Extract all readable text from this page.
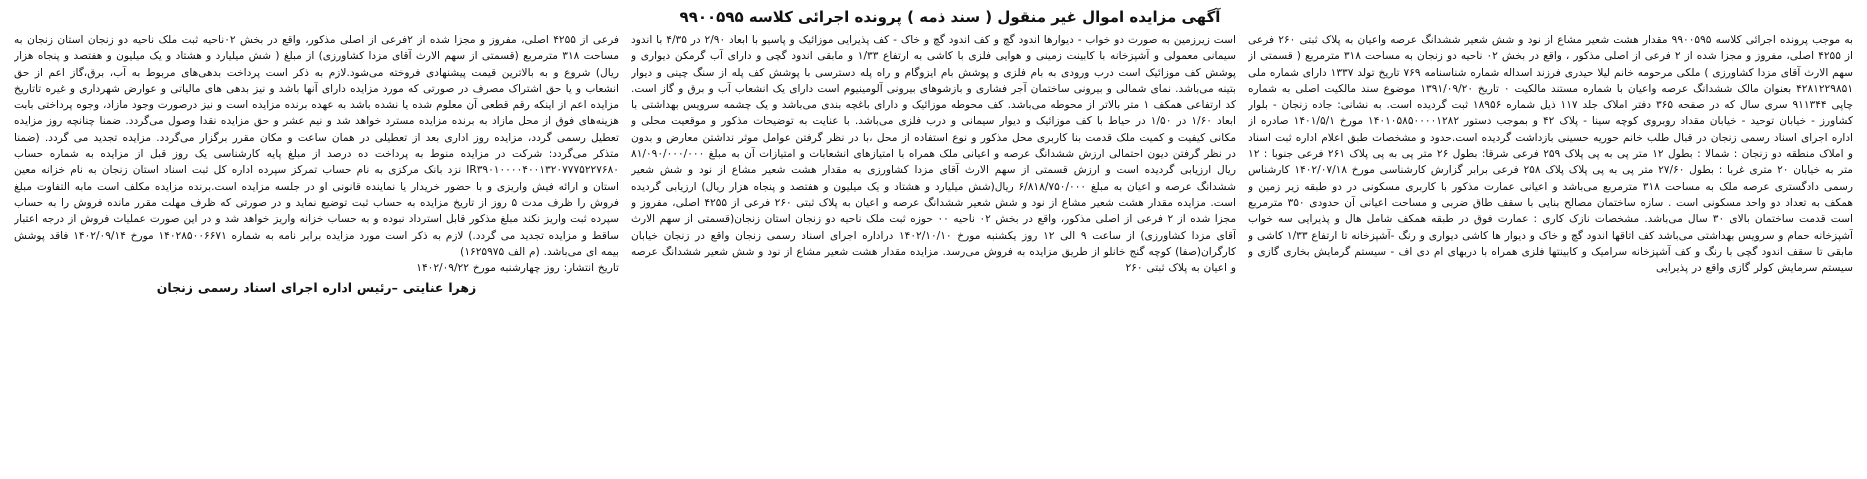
آگهی مزایده اموال غیر منقول ( سند ذمه ) پرونده اجرائی کلاسه ۹۹۰۰۵۹۵

به موجب پرونده اجرائی کلاسه ۹۹۰۰۵۹۵ مقدار هشت شعیر مشاع از نود و شش شعیر ششدانگ عرصه واعیان به پلاک ثبتی ۲۶۰ فرعی از ۴۲۵۵ اصلی، مفروز و مجزا شده از ۲ فرعی از اصلی مذکور ، واقع در بخش ۰۲ ناحیه دو زنجان به مساحت ۳۱۸ مترمربع ( قسمتی از سهم الارث آقای مزدا کشاورزی ) ملکی مرحومه خانم لیلا حیدری فرزند اسداله شماره شناسنامه ۷۶۹ تاریخ تولد ۱۳۳۷ دارای شماره ملی ۴۲۸۱۲۲۹۸۵۱ بعنوان مالک ششدانگ عرصه واعیان با شماره مستند مالکیت ۰ تاریخ ۱۳۹۱/۰۹/۲۰ موضوع سند مالکیت اصلی به شماره چاپی ۹۱۱۳۴۴ سری سال که در صفحه ۳۶۵ دفتر املاک جلد ۱۱۷ ذیل شماره ۱۸۹۵۶ ثبت گردیده است. به نشانی: جاده زنجان - بلوار کشاورز - خیابان توحید - خیابان مقداد روبروی کوچه سینا - پلاک ۴۲ و بموجب دستور ۱۴۰۱۰۵۸۵۰۰۰۰۱۲۸۲ مورخ ۱۴۰۱/۵/۱ صادره از اداره اجرای اسناد رسمی زنجان در قبال طلب خانم حوریه حسینی بازداشت گردیده است.حدود و مشخصات طبق اعلام اداره ثبت اسناد و املاک منطقه دو زنجان : شمالا : بطول ۱۲ متر پی به پی پلاک ۲۵۹ فرعی شرقا: بطول ۲۶ متر پی به پی پلاک ۲۶۱ فرعی جنوبا : ۱۲ متر به خیابان ۲۰ متری غربا : بطول ۲۷/۶۰ متر پی به پی پلاک پلاک ۲۵۸ فرعی برابر گزارش کارشناسی مورخ ۱۴۰۲/۰۷/۱۸ کارشناس رسمی دادگستری عرصه ملک به مساحت ۳۱۸ مترمربع می‌باشد و اعیانی عمارت مذکور با کاربری مسکونی در دو طبقه زیر زمین و همکف به تعداد دو واحد مسکونی است . سازه ساختمان مصالح بنایی با سقف طاق ضربی و مساحت اعیانی آن حدودی ۳۵۰ مترمربع است قدمت ساختمان بالای ۳۰ سال می‌باشد. مشخصات نازک کاری : عمارت فوق در طبقه همکف شامل هال و پذیرایی سه خواب آشپزخانه حمام و سرویس بهداشتی می‌باشد کف اتاقها اندود گچ و خاک و دیوار ها کاشی دیواری و رنگ -آشپزخانه تا ارتفاع ۱/۳۳ کاشی و مابقی تا سقف اندود گچی با رنگ و کف آشپزخانه سرامیک و کابینتها فلزی همراه با دربهای ام دی اف - سیستم گرمایش بخاری گازی و سیستم سرمایش کولر گازی واقع در پذیرایی

است زیرزمین به صورت دو خواب - دیوارها اندود گچ و کف اندود گچ و خاک - کف پذیرایی موزائیک و پاسیو با ابعاد ۲/۹۰ در ۴/۳۵ با اندود سیمانی معمولی و آشپزخانه با کابینت زمینی و هوایی فلزی با کاشی به ارتفاع ۱/۳۳ و مابقی اندود گچی و دارای آب گرمکن دیواری و پوشش کف موزائیک است درب ورودی به بام فلزی و پوشش بام ایزوگام و راه پله دسترسی با پوشش کف پله از سنگ چینی و دیوار بتینه می‌باشد. نمای شمالی و بیرونی ساختمان آجر فشاری و بازشوهای بیرونی آلومینیوم است دارای یک انشعاب آب و برق و گاز است. کد ارتفاعی همکف ۱ متر بالاتر از محوطه می‌باشد. کف محوطه موزائیک و دارای باغچه بندی می‌باشد و یک چشمه سرویس بهداشتی با ابعاد ۱/۶۰ در ۱/۵۰ در حیاط با کف موزائیک و دیوار سیمانی و درب فلزی می‌باشد. با عنایت به توضیحات مذکور و موقعیت محلی و مکانی کیفیت و کمیت ملک قدمت بنا کاربری محل مذکور و نوع استفاده از محل ،با در نظر گرفتن عوامل موثر نداشتن معارض و بدون در نظر گرفتن دیون احتمالی ارزش ششدانگ عرصه و اعیانی ملک همراه با امتیازهای انشعابات و امتیازات آن به مبلغ ۸۱/۰۹۰/۰۰۰/۰۰۰ ریال ارزیابی گردیده است و ارزش قسمتی از سهم الارث آقای مزدا کشاورزی به مقدار هشت شعیر مشاع از نود و شش شعیر ششدانگ عرصه و اعیان به مبلغ ۶/۸۱۸/۷۵۰/۰۰۰ ریال(شش میلیارد و هشتاد و یک میلیون و هفتصد و پنجاه هزار ریال) ارزیابی گردیده است. مزایده مقدار هشت شعیر مشاع از نود و شش شعیر ششدانگ عرصه و اعیان به پلاک ثبتی ۲۶۰ فرعی از ۴۲۵۵ اصلی، مفروز و مجزا شده از ۲ فرعی از اصلی مذکور، واقع در بخش ۰۲ ناحیه ۰۰ حوزه ثبت ملک ناحیه دو زنجان استان زنجان(قسمتی از سهم الارث آقای مزدا کشاورزی) از ساعت ۹ الی ۱۲ روز یکشنبه مورخ ۱۴۰۲/۱۰/۱۰ دراداره اجرای اسناد رسمی زنجان واقع در زنجان خیابان کارگران(صفا) کوچه گنج خانلو از طریق مزایده به فروش می‌رسد. مزایده مقدار هشت شعیر مشاع از نود و شش شعیر ششدانگ عرصه و اعیان به پلاک ثبتی ۲۶۰

فرعی از ۴۲۵۵ اصلی، مفروز و مجزا شده از ۲فرعی از اصلی مذکور، واقع در بخش ۰۲ناحیه ثبت ملک ناحیه دو زنجان استان زنجان به مساحت ۳۱۸ مترمربع (قسمتی از سهم الارث آقای مزدا کشاورزی) از مبلغ ( شش میلیارد و هشتاد و یک میلیون و هفتصد و پنجاه هزار ریال) شروع و به بالاترین قیمت پیشنهادی فروخته می‌شود.لازم به ذکر است پرداخت بدهی‌های مربوط به آب، برق،گاز اعم از حق انشعاب و یا حق اشتراک مصرف در صورتی که مورد مزایده دارای آنها باشد و نیز بدهی های مالیاتی و عوارض شهرداری و غیره تاتاریخ مزایده اعم از اینکه رقم قطعی آن معلوم شده یا نشده باشد به عهده برنده مزایده است و نیز درصورت وجود مازاد، وجوه پرداختی بابت هزینه‌های فوق از محل مازاد به برنده مزایده مسترد خواهد شد و نیم عشر و حق مزایده نقدا وصول می‌گردد. ضمنا چنانچه روز مزایده تعطیل رسمی گردد، مزایده روز اداری بعد از تعطیلی در همان ساعت و مکان مقرر برگزار می‌گردد. مزایده تجدید می گردد. (ضمنا متذکر می‌گردد: شرکت در مزایده منوط به پرداخت ده درصد از مبلغ پایه کارشناسی یک روز قبل از مزایده به شماره حساب IR۳۹۰۱۰۰۰۰۴۰۰۱۳۲۰۷۷۷۵۲۲۷۶۸۰ نزد بانک مرکزی به نام حساب تمرکز سپرده اداره کل ثبت اسناد استان زنجان به نام خزانه معین استان و ارائه فیش واریزی و با حضور خریدار یا نماینده قانونی او در جلسه مزایده است.برنده مزایده مکلف است مابه التفاوت مبلغ فروش را ظرف مدت ۵ روز از تاریخ مزایده به حساب ثبت توضیع نماید و در صورتی که ظرف مهلت مقرر مانده فروش را به حساب سپرده ثبت واریز نکند مبلغ مذکور قابل استرداد نبوده و به حساب خزانه واریز خواهد شد و در این صورت عملیات فروش از درجه اعتبار ساقط و مزایده تجدید می گردد.) لازم به ذکر است مورد مزایده برابر نامه به شماره ۱۴۰۲۸۵۰۰۶۶۷۱ مورخ ۱۴۰۲/۰۹/۱۴ فاقد پوشش بیمه ای می‌باشد. (م الف ۱۶۲۵۹۷۵)

تاریخ انتشار: روز چهارشنبه مورخ ۱۴۰۲/۰۹/۲۲
زهرا عنایتی –رئیس اداره اجرای اسناد رسمی زنجان
